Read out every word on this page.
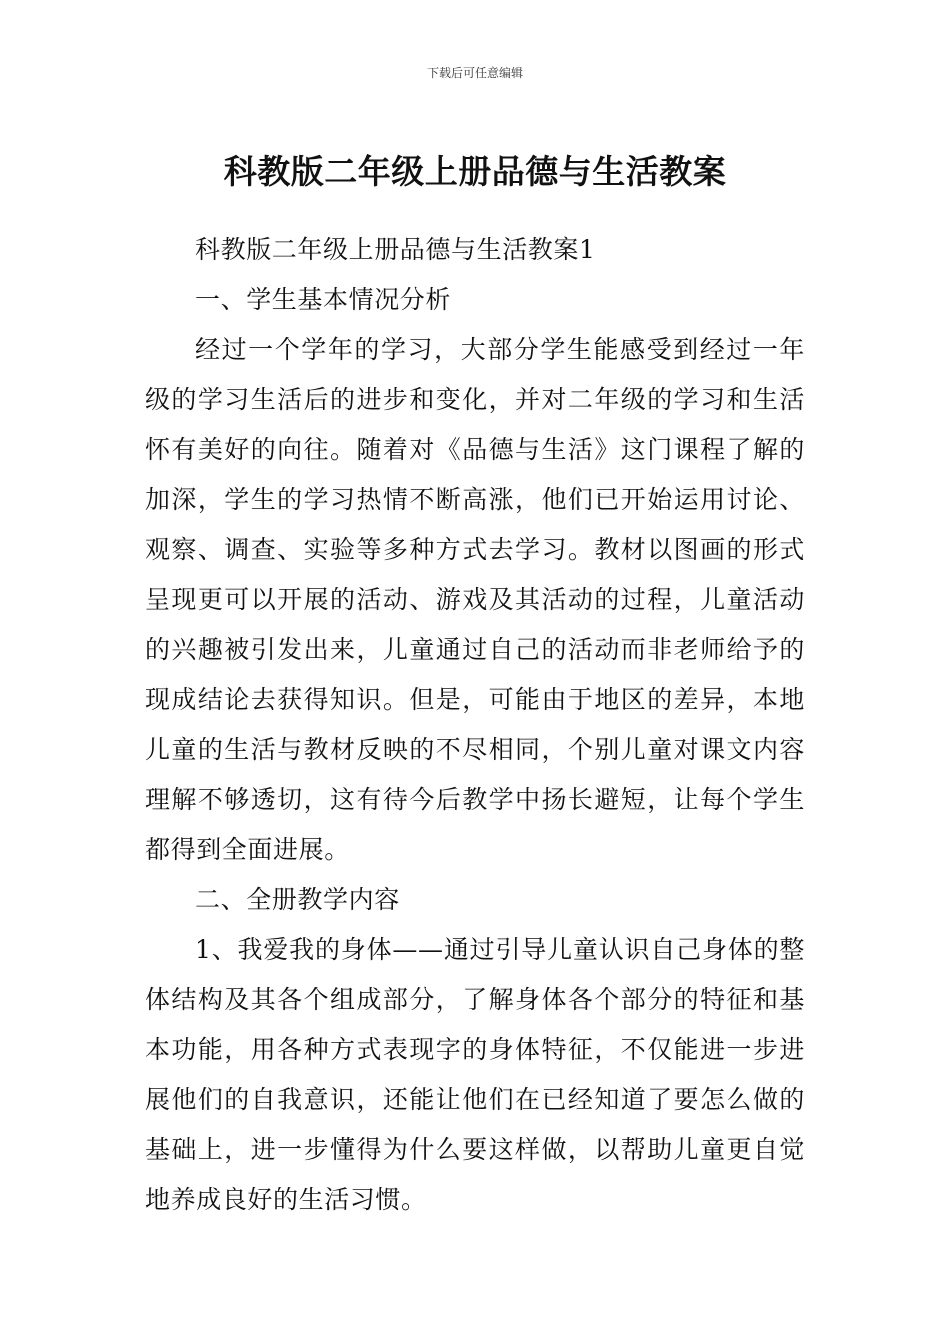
下载后可任意编辑
科教版二年级上册品德与生活教案

科教版二年级上册品德与生活教案1

一、学生基本情况分析

经过一个学年的学习，大部分学生能感受到经过一年级的学习生活后的进步和变化，并对二年级的学习和生活怀有美好的向往。随着对《品德与生活》这门课程了解的加深，学生的学习热情不断高涨，他们已开始运用讨论、观察、调查、实验等多种方式去学习。教材以图画的形式呈现更可以开展的活动、游戏及其活动的过程，儿童活动的兴趣被引发出来，儿童通过自己的活动而非老师给予的现成结论去获得知识。但是，可能由于地区的差异，本地儿童的生活与教材反映的不尽相同，个别儿童对课文内容理解不够透切，这有待今后教学中扬长避短，让每个学生都得到全面进展。

二、全册教学内容

1、我爱我的身体——通过引导儿童认识自己身体的整体结构及其各个组成部分，了解身体各个部分的特征和基本功能，用各种方式表现字的身体特征，不仅能进一步进展他们的自我意识，还能让他们在已经知道了要怎么做的基础上，进一步懂得为什么要这样做，以帮助儿童更自觉地养成良好的生活习惯。
